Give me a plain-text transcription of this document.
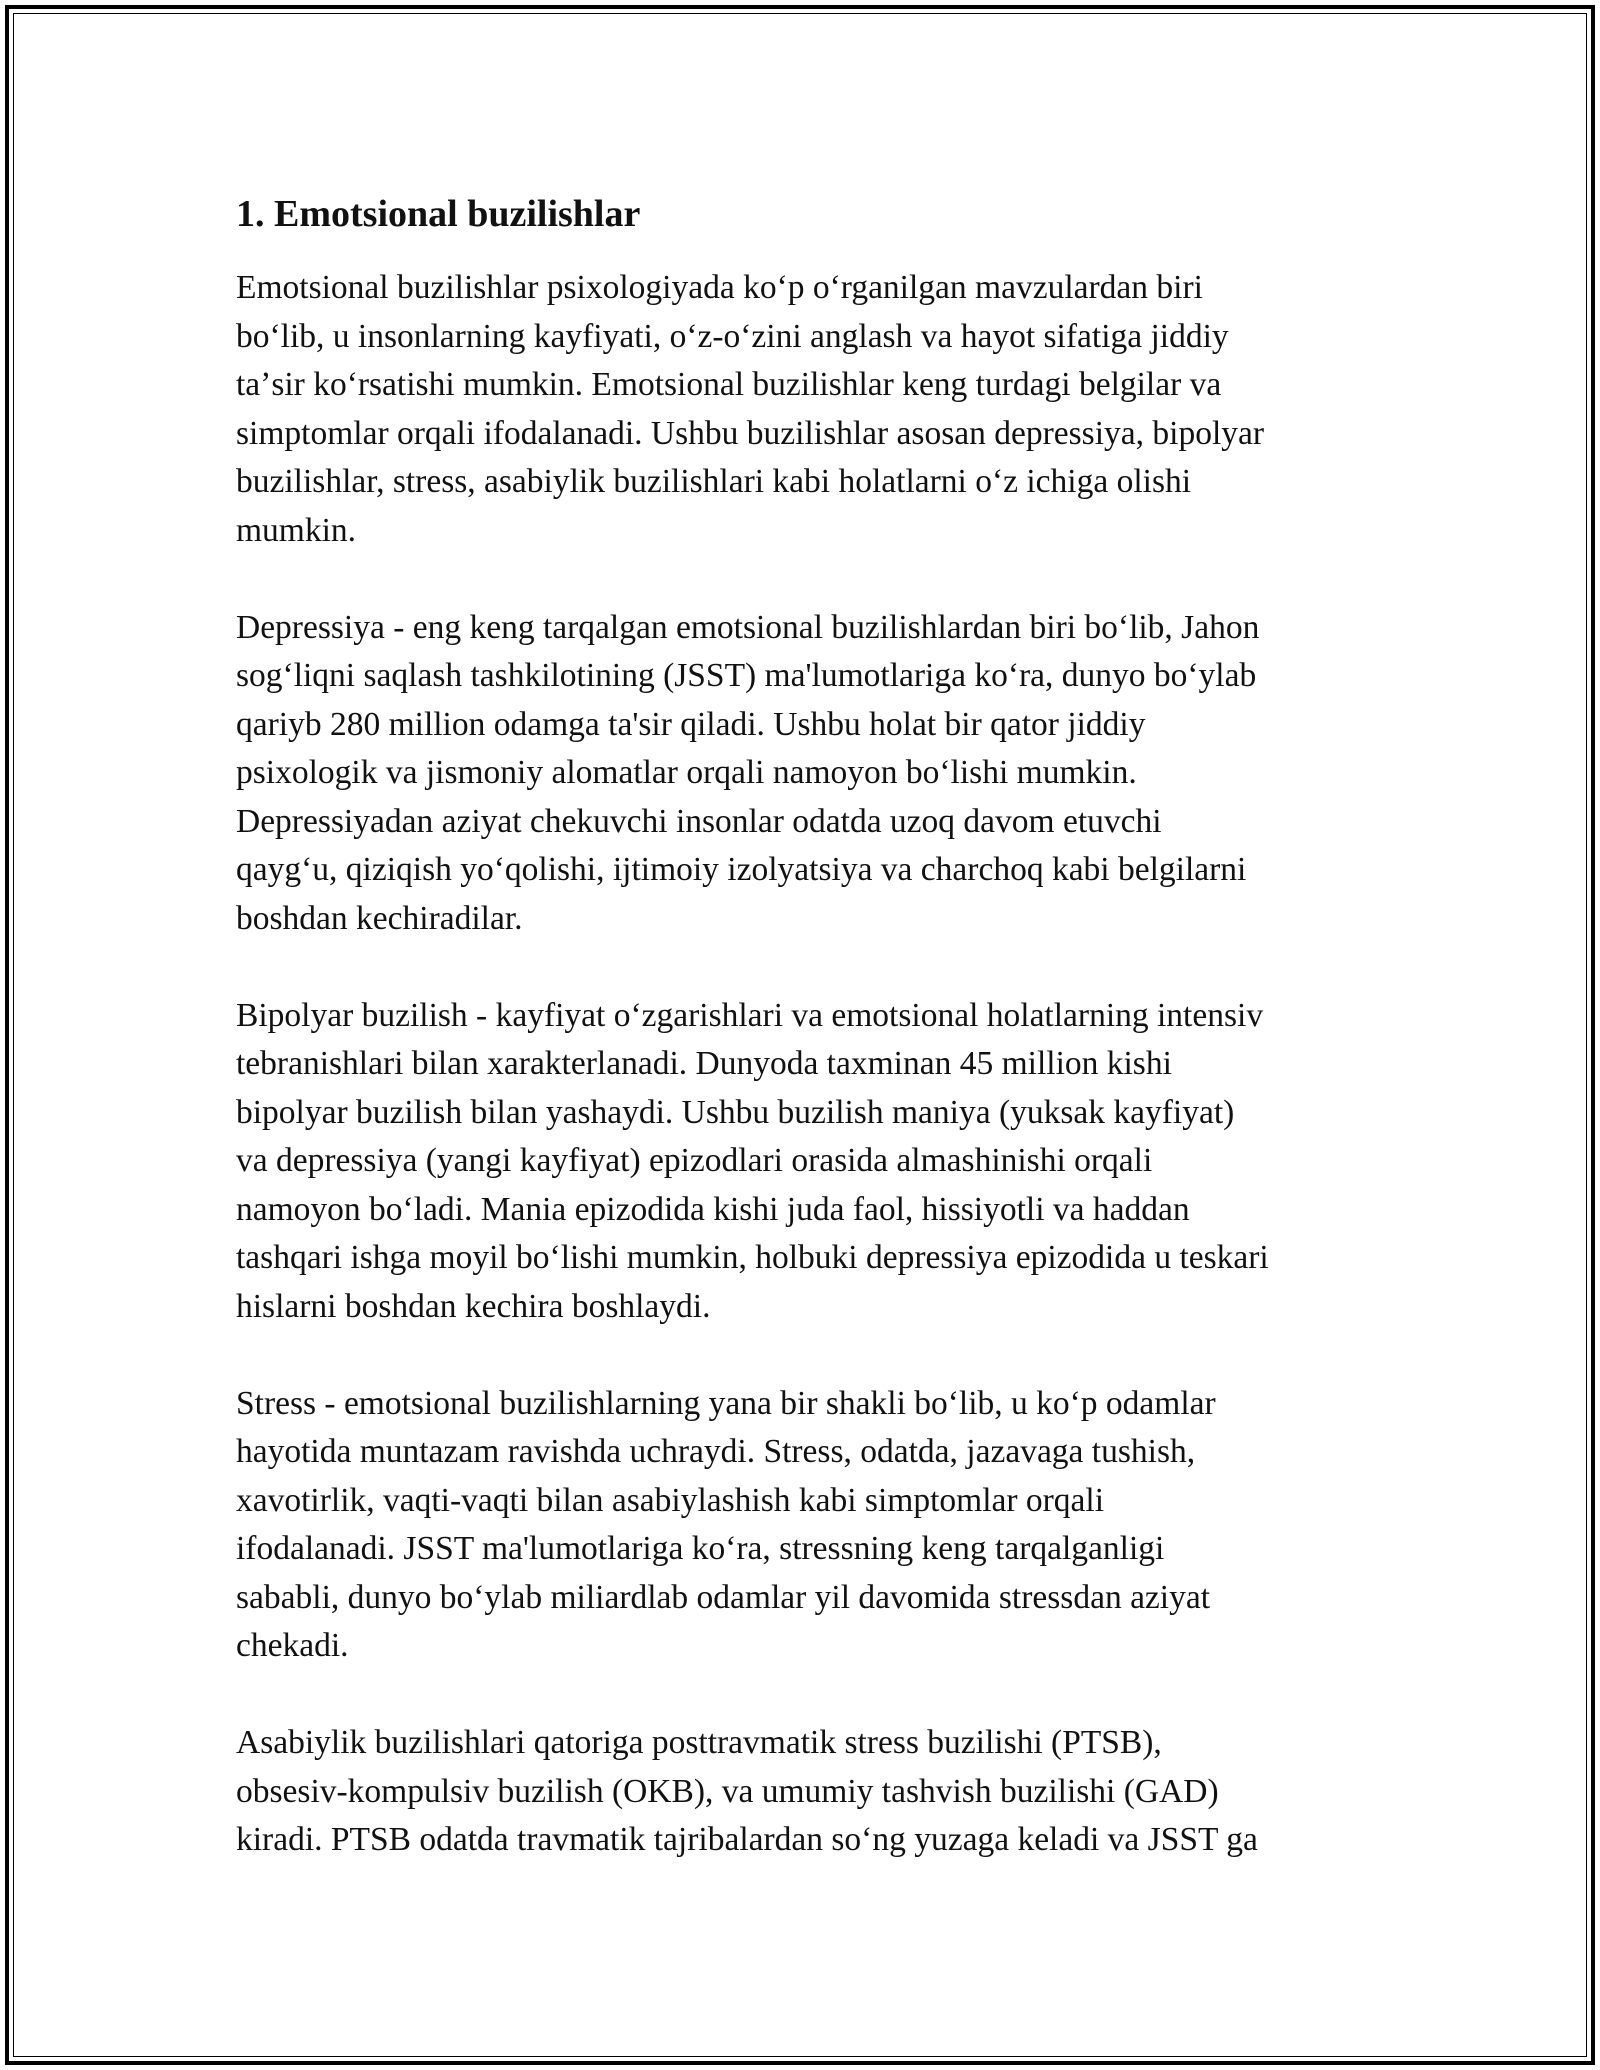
1. Emotsional buzilishlar

Emotsional buzilishlar psixologiyada koʻp oʻrganilgan mavzulardan biri
boʻlib, u insonlarning kayfiyati, oʻz-oʻzini anglash va hayot sifatiga jiddiy
taʼsir koʻrsatishi mumkin. Emotsional buzilishlar keng turdagi belgilar va
simptomlar orqali ifodalanadi. Ushbu buzilishlar asosan depressiya, bipolyar
buzilishlar, stress, asabiylik buzilishlari kabi holatlarni oʻz ichiga olishi
mumkin.

Depressiya - eng keng tarqalgan emotsional buzilishlardan biri boʻlib, Jahon
sogʻliqni saqlash tashkilotining (JSST) ma'lumotlariga koʻra, dunyo boʻylab
qariyb 280 million odamga ta'sir qiladi. Ushbu holat bir qator jiddiy
psixologik va jismoniy alomatlar orqali namoyon boʻlishi mumkin.
Depressiyadan aziyat chekuvchi insonlar odatda uzoq davom etuvchi
qaygʻu, qiziqish yoʻqolishi, ijtimoiy izolyatsiya va charchoq kabi belgilarni
boshdan kechiradilar.

Bipolyar buzilish - kayfiyat oʻzgarishlari va emotsional holatlarning intensiv
tebranishlari bilan xarakterlanadi. Dunyoda taxminan 45 million kishi
bipolyar buzilish bilan yashaydi. Ushbu buzilish maniya (yuksak kayfiyat)
va depressiya (yangi kayfiyat) epizodlari orasida almashinishi orqali
namoyon boʻladi. Mania epizodida kishi juda faol, hissiyotli va haddan
tashqari ishga moyil boʻlishi mumkin, holbuki depressiya epizodida u teskari
hislarni boshdan kechira boshlaydi.

Stress - emotsional buzilishlarning yana bir shakli boʻlib, u koʻp odamlar
hayotida muntazam ravishda uchraydi. Stress, odatda, jazavaga tushish,
xavotirlik, vaqti-vaqti bilan asabiylashish kabi simptomlar orqali
ifodalanadi. JSST ma'lumotlariga koʻra, stressning keng tarqalganligi
sababli, dunyo boʻylab miliardlab odamlar yil davomida stressdan aziyat
chekadi.

Asabiylik buzilishlari qatoriga posttravmatik stress buzilishi (PTSB),
obsesiv-kompulsiv buzilish (OKB), va umumiy tashvish buzilishi (GAD)
kiradi. PTSB odatda travmatik tajribalardan soʻng yuzaga keladi va JSST ga
